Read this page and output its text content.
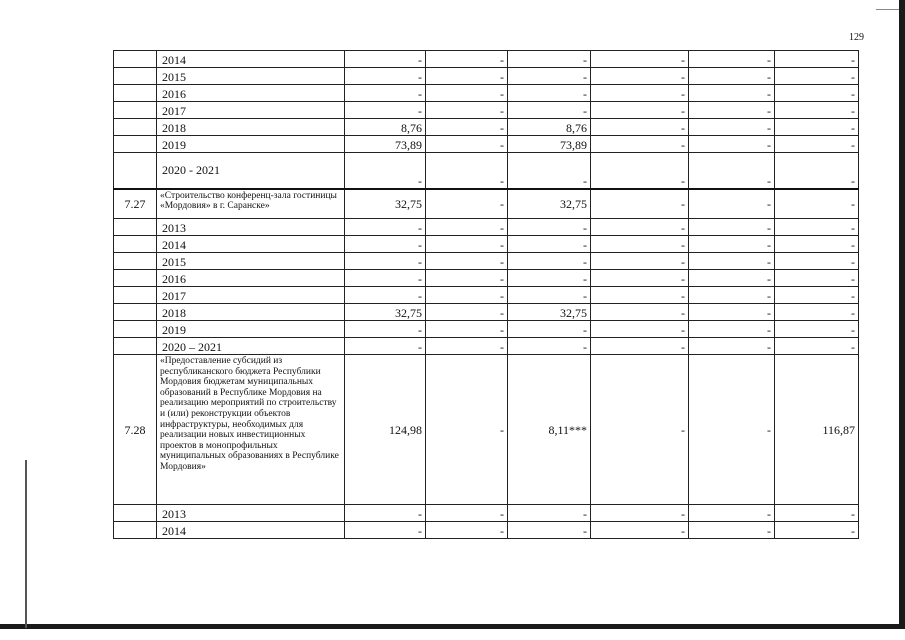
129
	2014	-	-	-	-	-	-
	2015	-	-	-	-	-	-
	2016	-	-	-	-	-	-
	2017	-	-	-	-	-	-
	2018	8,76	-	8,76	-	-	-
	2019	73,89	-	73,89	-	-	-
	2020 - 2021	-	-	-	-	-	-
7.27	«Строительство конференц-зала гостиницы «Мордовия» в г. Саранске»	32,75	-	32,75	-	-	-
	2013	-	-	-	-	-	-
	2014	-	-	-	-	-	-
	2015	-	-	-	-	-	-
	2016	-	-	-	-	-	-
	2017	-	-	-	-	-	-
	2018	32,75	-	32,75	-	-	-
	2019	-	-	-	-	-	-
	2020 – 2021	-	-	-	-	-	-
7.28	«Предоставление субсидий из республиканского бюджета Республики Мордовия бюджетам муниципальных образований в Республике Мордовия на реализацию мероприятий по строительству и (или) реконструкции объектов инфраструктуры, необходимых для реализации новых инвестиционных проектов в монопрофильных муниципальных образованиях в Республике Мордовия»	124,98	-	8,11***	-	-	116,87
	2013	-	-	-	-	-	-
	2014	-	-	-	-	-	-
